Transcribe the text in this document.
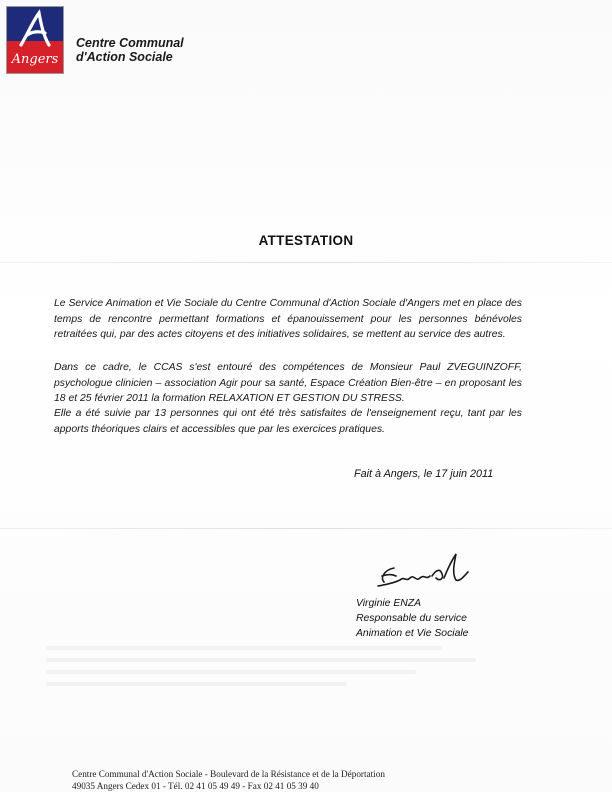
Angers
Centre Communal
d'Action Sociale
ATTESTATION
Le Service Animation et Vie Sociale du Centre Communal d'Action Sociale d'Angers met en place des temps de rencontre permettant formations et épanouissement pour les personnes bénévoles retraitées qui, par des actes citoyens et des initiatives solidaires, se mettent au service des autres.
Dans ce cadre, le CCAS s'est entouré des compétences de Monsieur Paul ZVEGUINZOFF, psychologue clinicien – association Agir pour sa santé, Espace Création Bien-être – en proposant les 18 et 25 février 2011 la formation RELAXATION ET GESTION DU STRESS.
Elle a été suivie par 13 personnes qui ont été très satisfaites de l'enseignement reçu, tant par les apports théoriques clairs et accessibles que par les exercices pratiques.
Fait à Angers, le 17 juin 2011
Virginie ENZA
Responsable du service
Animation et Vie Sociale
Centre Communal d'Action Sociale - Boulevard de la Résistance et de la Déportation
49035 Angers Cedex 01 - Tél. 02 41 05 49 49 - Fax 02 41 05 39 40
